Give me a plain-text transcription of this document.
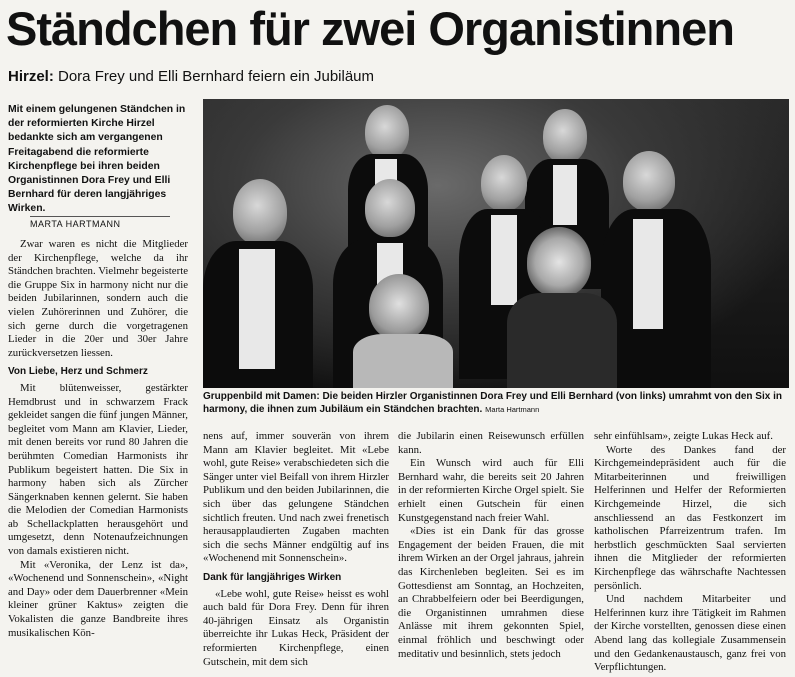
Ständchen für zwei Organistinnen
Hirzel: Dora Frey und Elli Bernhard feiern ein Jubiläum
Mit einem gelungenen Ständchen in der reformierten Kirche Hirzel bedankte sich am vergangenen Freitagabend die reformierte Kirchenpflege bei ihren beiden Organistinnen Dora Frey und Elli Bernhard für deren langjähriges Wirken.
MARTA HARTMANN
Gruppenbild mit Damen: Die beiden Hirzler Organistinnen Dora Frey und Elli Bernhard (von links) umrahmt von den Six in harmony, die ihnen zum Jubiläum ein Ständchen brachten. Marta Hartmann

Zwar waren es nicht die Mitglieder der Kirchenpflege, welche da ihr Ständchen brachten. Vielmehr begeisterte die Gruppe Six in harmony nicht nur die beiden Jubilarinnen, sondern auch die vielen Zuhörerinnen und Zuhörer, die sich gerne durch die vorgetragenen Lieder in die 20er und 30er Jahre zurückversetzen liessen.

Von Liebe, Herz und Schmerz

Mit blütenweisser, gestärkter Hemdbrust und in schwarzem Frack gekleidet sangen die fünf jungen Männer, begleitet vom Mann am Klavier, Lieder, mit denen bereits vor rund 80 Jahren die berühmten Comedian Harmonists ihr Publikum begeistert hatten. Die Six in harmony haben sich als Zürcher Sängerknaben kennen gelernt. Sie haben die Melodien der Comedian Harmonists ab Schellackplatten herausgehört und umgesetzt, denn Notenaufzeichnungen von damals existieren nicht.

Mit «Veronika, der Lenz ist da», «Wochenend und Sonnenschein», «Night and Day» oder dem Dauerbrenner «Mein kleiner grüner Kaktus» zeigten die Vokalisten die ganze Bandbreite ihres musikalischen Kön-

nens auf, immer souverän von ihrem Mann am Klavier begleitet. Mit «Lebe wohl, gute Reise» verabschiedeten sich die Sänger unter viel Beifall von ihrem Hirzler Publikum und den beiden Jubilarinnen, die sich über das gelungene Ständchen sichtlich freuten. Und nach zwei frenetisch herausapplaudierten Zugaben machten sich die sechs Männer endgültig auf ins «Wochenend mit Sonnenschein».

Dank für langjähriges Wirken

«Lebe wohl, gute Reise» heisst es wohl auch bald für Dora Frey. Denn für ihren 40-jährigen Einsatz als Organistin überreichte ihr Lukas Heck, Präsident der reformierten Kirchenpflege, einen Gutschein, mit dem sich

die Jubilarin einen Reisewunsch erfüllen kann.

Ein Wunsch wird auch für Elli Bernhard wahr, die bereits seit 20 Jahren in der reformierten Kirche Orgel spielt. Sie erhielt einen Gutschein für einen Kunstgegenstand nach freier Wahl.

«Dies ist ein Dank für das grosse Engagement der beiden Frauen, die mit ihrem Wirken an der Orgel jahraus, jahrein das Kirchenleben begleiten. Sei es im Gottesdienst am Sonntag, an Hochzeiten, an Chrabbelfeiern oder bei Beerdigungen, die Organistinnen umrahmen diese Anlässe mit ihrem gekonnten Spiel, einmal fröhlich und beschwingt oder meditativ und besinnlich, stets jedoch

sehr einfühlsam», zeigte Lukas Heck auf.

Worte des Dankes fand der Kirchgemeindepräsident auch für die Mitarbeiterinnen und freiwilligen Helferinnen und Helfer der Reformierten Kirchgemeinde Hirzel, die sich anschliessend an das Festkonzert im katholischen Pfarreizentrum trafen. Im herbstlich geschmückten Saal servierten ihnen die Mitglieder der reformierten Kirchenpflege das währschafte Nachtessen persönlich.

Und nachdem Mitarbeiter und Helferinnen kurz ihre Tätigkeit im Rahmen der Kirche vorstellten, genossen diese einen Abend lang das kollegiale Zusammensein und den Gedankenaustausch, ganz frei von Verpflichtungen.
